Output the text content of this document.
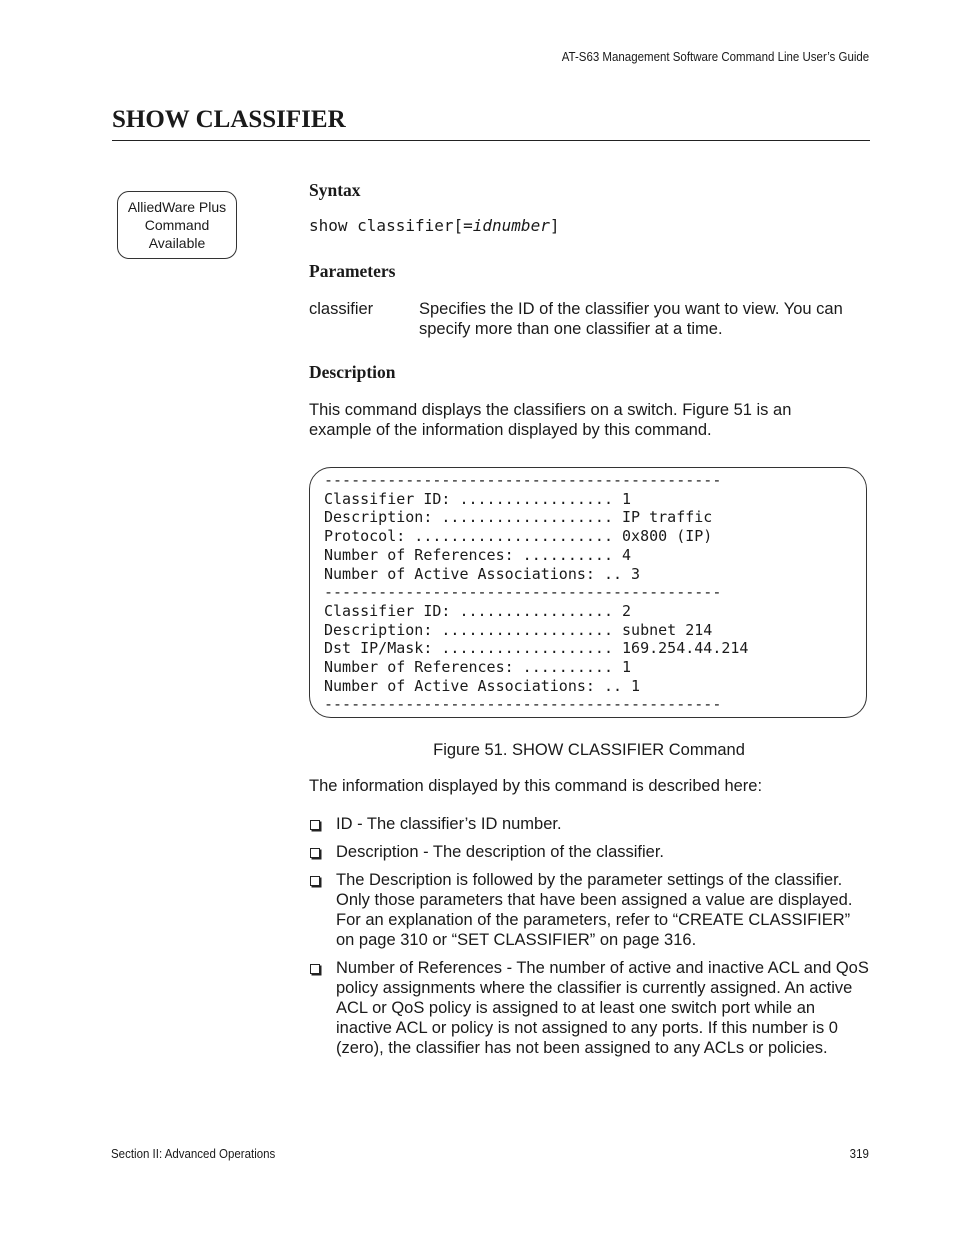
AT-S63 Management Software Command Line User’s Guide
SHOW CLASSIFIER
AlliedWare Plus
Command
Available
Syntax
show classifier[=idnumber]
Parameters
classifier	Specifies the ID of the classifier you want to view. You can specify more than one classifier at a time.
Description
This command displays the classifiers on a switch. Figure 51 is an example of the information displayed by this command.
--------------------------------------------
Classifier ID: ................. 1
Description: ................... IP traffic
Protocol: ...................... 0x800 (IP)
Number of References: .......... 4
Number of Active Associations: .. 3
--------------------------------------------
Classifier ID: ................. 2
Description: ................... subnet 214
Dst IP/Mask: ................... 169.254.44.214
Number of References: .......... 1
Number of Active Associations: .. 1
--------------------------------------------
Figure 51. SHOW CLASSIFIER Command
The information displayed by this command is described here:
ID - The classifier’s ID number.
Description - The description of the classifier.
The Description is followed by the parameter settings of the classifier. Only those parameters that have been assigned a value are displayed. For an explanation of the parameters, refer to “CREATE CLASSIFIER” on page 310 or “SET CLASSIFIER” on page 316.
Number of References - The number of active and inactive ACL and QoS policy assignments where the classifier is currently assigned. An active ACL or QoS policy is assigned to at least one switch port while an inactive ACL or policy is not assigned to any ports. If this number is 0 (zero), the classifier has not been assigned to any ACLs or policies.
Section II: Advanced Operations	319
